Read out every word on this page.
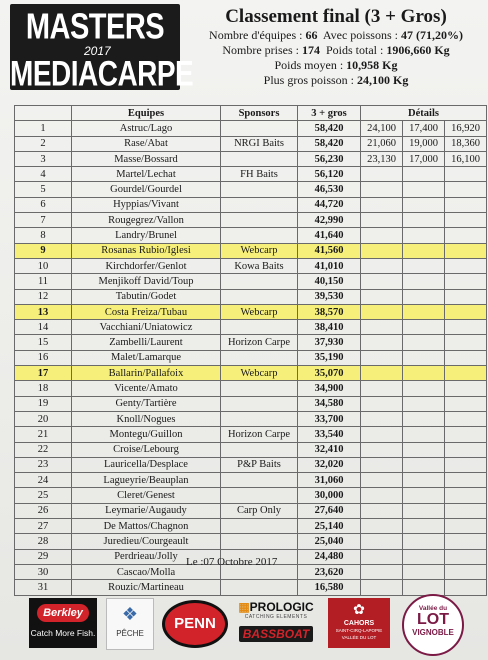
MASTERS
2017
MEDIACARPE
Classement final (3 + Gros)
Nombre d'équipes : 66 Avec poissons : 47 (71,20%)
Nombre prises : 174 Poids total : 1906,660 Kg
Poids moyen : 10,958 Kg
Plus gros poisson : 24,100 Kg
	Equipes	Sponsors	3 + gros	Détails		
1	Astruc/Lago		58,420	24,100	17,400	16,920
2	Rase/Abat	NRGI Baits	58,420	21,060	19,000	18,360
3	Masse/Bossard		56,230	23,130	17,000	16,100
4	Martel/Lechat	FH Baits	56,120			
5	Gourdel/Gourdel		46,530			
6	Hyppias/Vivant		44,720			
7	Rougegrez/Vallon		42,990			
8	Landry/Brunel		41,640			
9	Rosanas Rubio/Iglesi	Webcarp	41,560			
10	Kirchdorfer/Genlot	Kowa Baits	41,010			
11	Menjikoff David/Toup		40,150			
12	Tabutin/Godet		39,530			
13	Costa Freiza/Tubau	Webcarp	38,570			
14	Vacchiani/Uniatowicz		38,410			
15	Zambelli/Laurent	Horizon Carpe	37,930			
16	Malet/Lamarque		35,190			
17	Ballarin/Pallafoix	Webcarp	35,070			
18	Vicente/Amato		34,900			
19	Genty/Tartière		34,580			
20	Knoll/Nogues		33,700			
21	Montegu/Guillon	Horizon Carpe	33,540			
22	Croise/Lebourg		32,410			
23	Lauricella/Desplace	P&P Baits	32,020			
24	Lagueyrie/Beauplan		31,060			
25	Cleret/Genest		30,000			
26	Leymarie/Augaudy	Carp Only	27,640			
27	De Mattos/Chagnon		25,140			
28	Juredieu/Courgeault		25,040			
29	Perdrieau/Jolly		24,480			
30	Cascao/Molla		23,620			
31	Rouzic/Martineau		16,580			
Le :07 Octobre 2017
Berkley
Catch More Fish.
❖
PÊCHE
PENN
▦PROLOGIC
CATCHING ELEMENTS
BASSBOAT
✿
CAHORS
SAINT-CIRQ-LAPOPIE
VALLÉE DU LOT
Vallée du
LOT
VIGNOBLE
